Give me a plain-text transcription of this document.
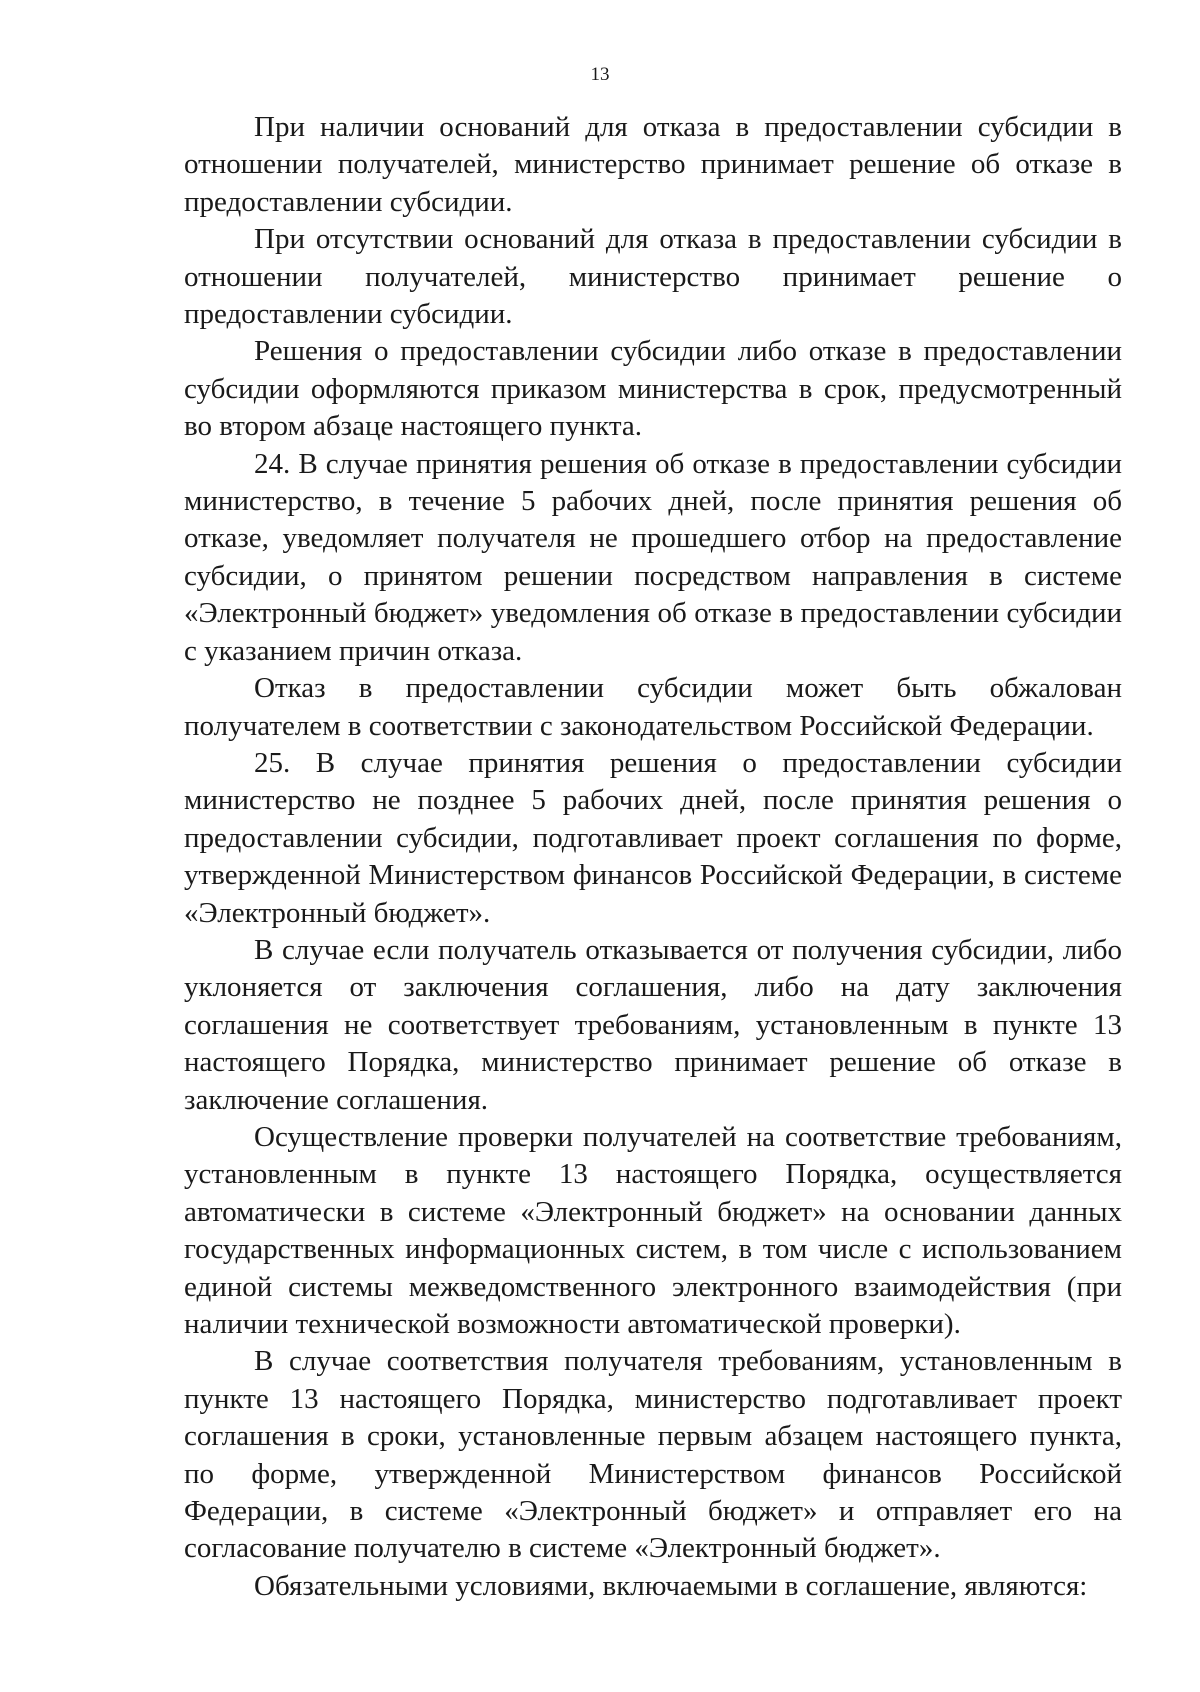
13

При наличии оснований для отказа в предоставлении субсидии в отношении получателей, министерство принимает решение об отказе в предоставлении субсидии.

При отсутствии оснований для отказа в предоставлении субсидии в отношении получателей, министерство принимает решение о предоставлении субсидии.

Решения о предоставлении субсидии либо отказе в предоставлении субсидии оформляются приказом министерства в срок, предусмотренный во втором абзаце настоящего пункта.

24. В случае принятия решения об отказе в предоставлении субсидии министерство, в течение 5 рабочих дней, после принятия решения об отказе, уведомляет получателя не прошедшего отбор на предоставление субсидии, о принятом решении посредством направления в системе «Электронный бюджет» уведомления об отказе в предоставлении субсидии с указанием причин отказа.

Отказ в предоставлении субсидии может быть обжалован получателем в соответствии с законодательством Российской Федерации.

25. В случае принятия решения о предоставлении субсидии министерство не позднее 5 рабочих дней, после принятия решения о предоставлении субсидии, подготавливает проект соглашения по форме, утвержденной Министерством финансов Российской Федерации, в системе «Электронный бюджет».

В случае если получатель отказывается от получения субсидии, либо уклоняется от заключения соглашения, либо на дату заключения соглашения не соответствует требованиям, установленным в пункте 13 настоящего Порядка, министерство принимает решение об отказе в заключение соглашения.

Осуществление проверки получателей на соответствие требованиям, установленным в пункте 13 настоящего Порядка, осуществляется автоматически в системе «Электронный бюджет» на основании данных государственных информационных систем, в том числе с использованием единой системы межведомственного электронного взаимодействия (при наличии технической возможности автоматической проверки).

В случае соответствия получателя требованиям, установленным в пункте 13 настоящего Порядка, министерство подготавливает проект соглашения в сроки, установленные первым абзацем настоящего пункта, по форме, утвержденной Министерством финансов Российской Федерации, в системе «Электронный бюджет» и отправляет его на согласование получателю в системе «Электронный бюджет».

Обязательными условиями, включаемыми в соглашение, являются:
